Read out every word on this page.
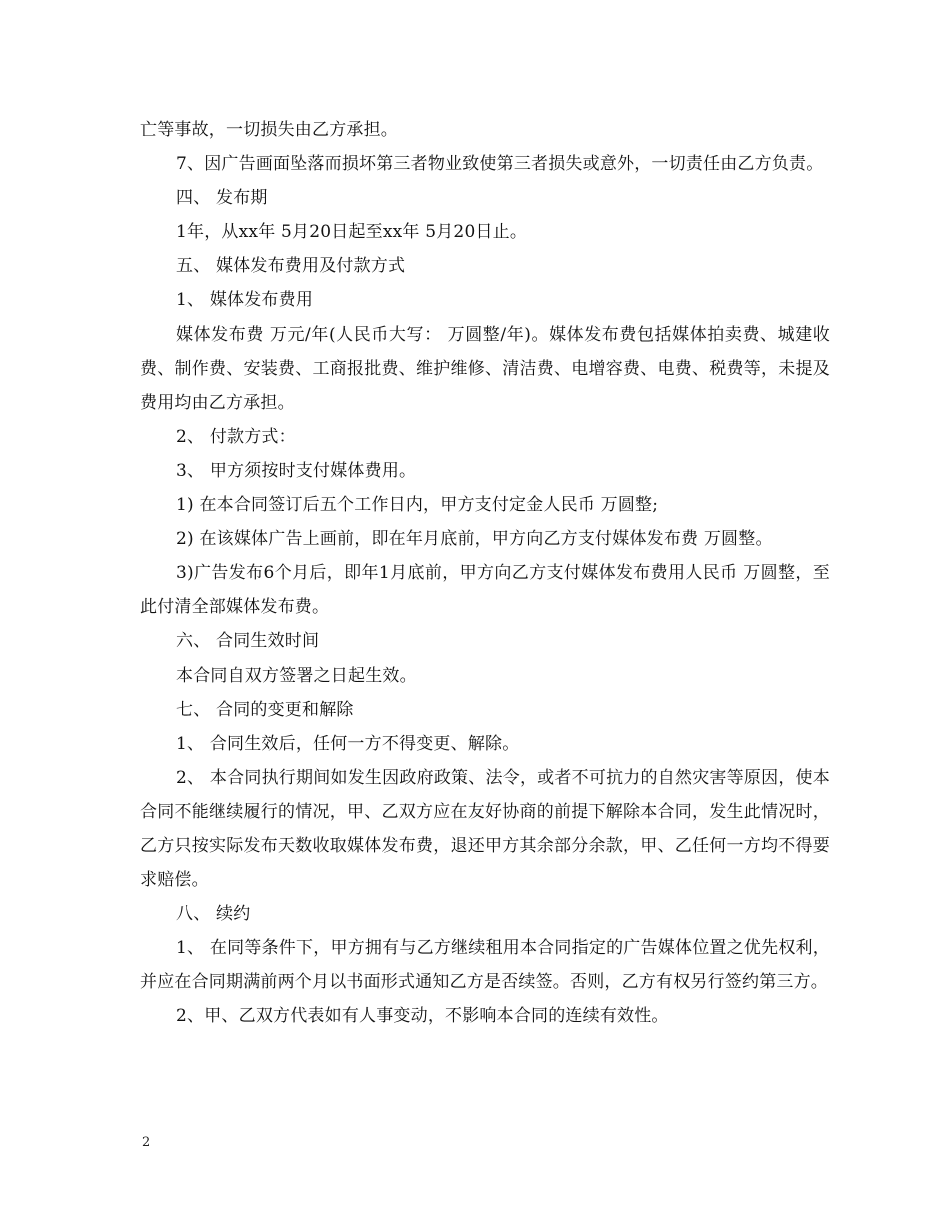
亡等事故，一切损失由乙方承担。

7、因广告画面坠落而损坏第三者物业致使第三者损失或意外，一切责任由乙方负责。

四、 发布期

1年，从xx年 5月20日起至xx年 5月20日止。

五、 媒体发布费用及付款方式

1、 媒体发布费用

媒体发布费 万元/年(人民币大写： 万圆整/年)。媒体发布费包括媒体拍卖费、城建收费、制作费、安装费、工商报批费、维护维修、清洁费、电增容费、电费、税费等，未提及费用均由乙方承担。

2、 付款方式：

3、 甲方须按时支付媒体费用。

1) 在本合同签订后五个工作日内，甲方支付定金人民币 万圆整;

2) 在该媒体广告上画前，即在年月底前，甲方向乙方支付媒体发布费 万圆整。

3)广告发布6个月后，即年1月底前，甲方向乙方支付媒体发布费用人民币 万圆整，至此付清全部媒体发布费。

六、 合同生效时间

本合同自双方签署之日起生效。

七、 合同的变更和解除

1、 合同生效后，任何一方不得变更、解除。

2、 本合同执行期间如发生因政府政策、法令，或者不可抗力的自然灾害等原因，使本合同不能继续履行的情况，甲、乙双方应在友好协商的前提下解除本合同，发生此情况时，乙方只按实际发布天数收取媒体发布费，退还甲方其余部分余款，甲、乙任何一方均不得要求赔偿。

八、 续约

1、 在同等条件下，甲方拥有与乙方继续租用本合同指定的广告媒体位置之优先权利，并应在合同期满前两个月以书面形式通知乙方是否续签。否则，乙方有权另行签约第三方。

2、甲、乙双方代表如有人事变动，不影响本合同的连续有效性。

2
